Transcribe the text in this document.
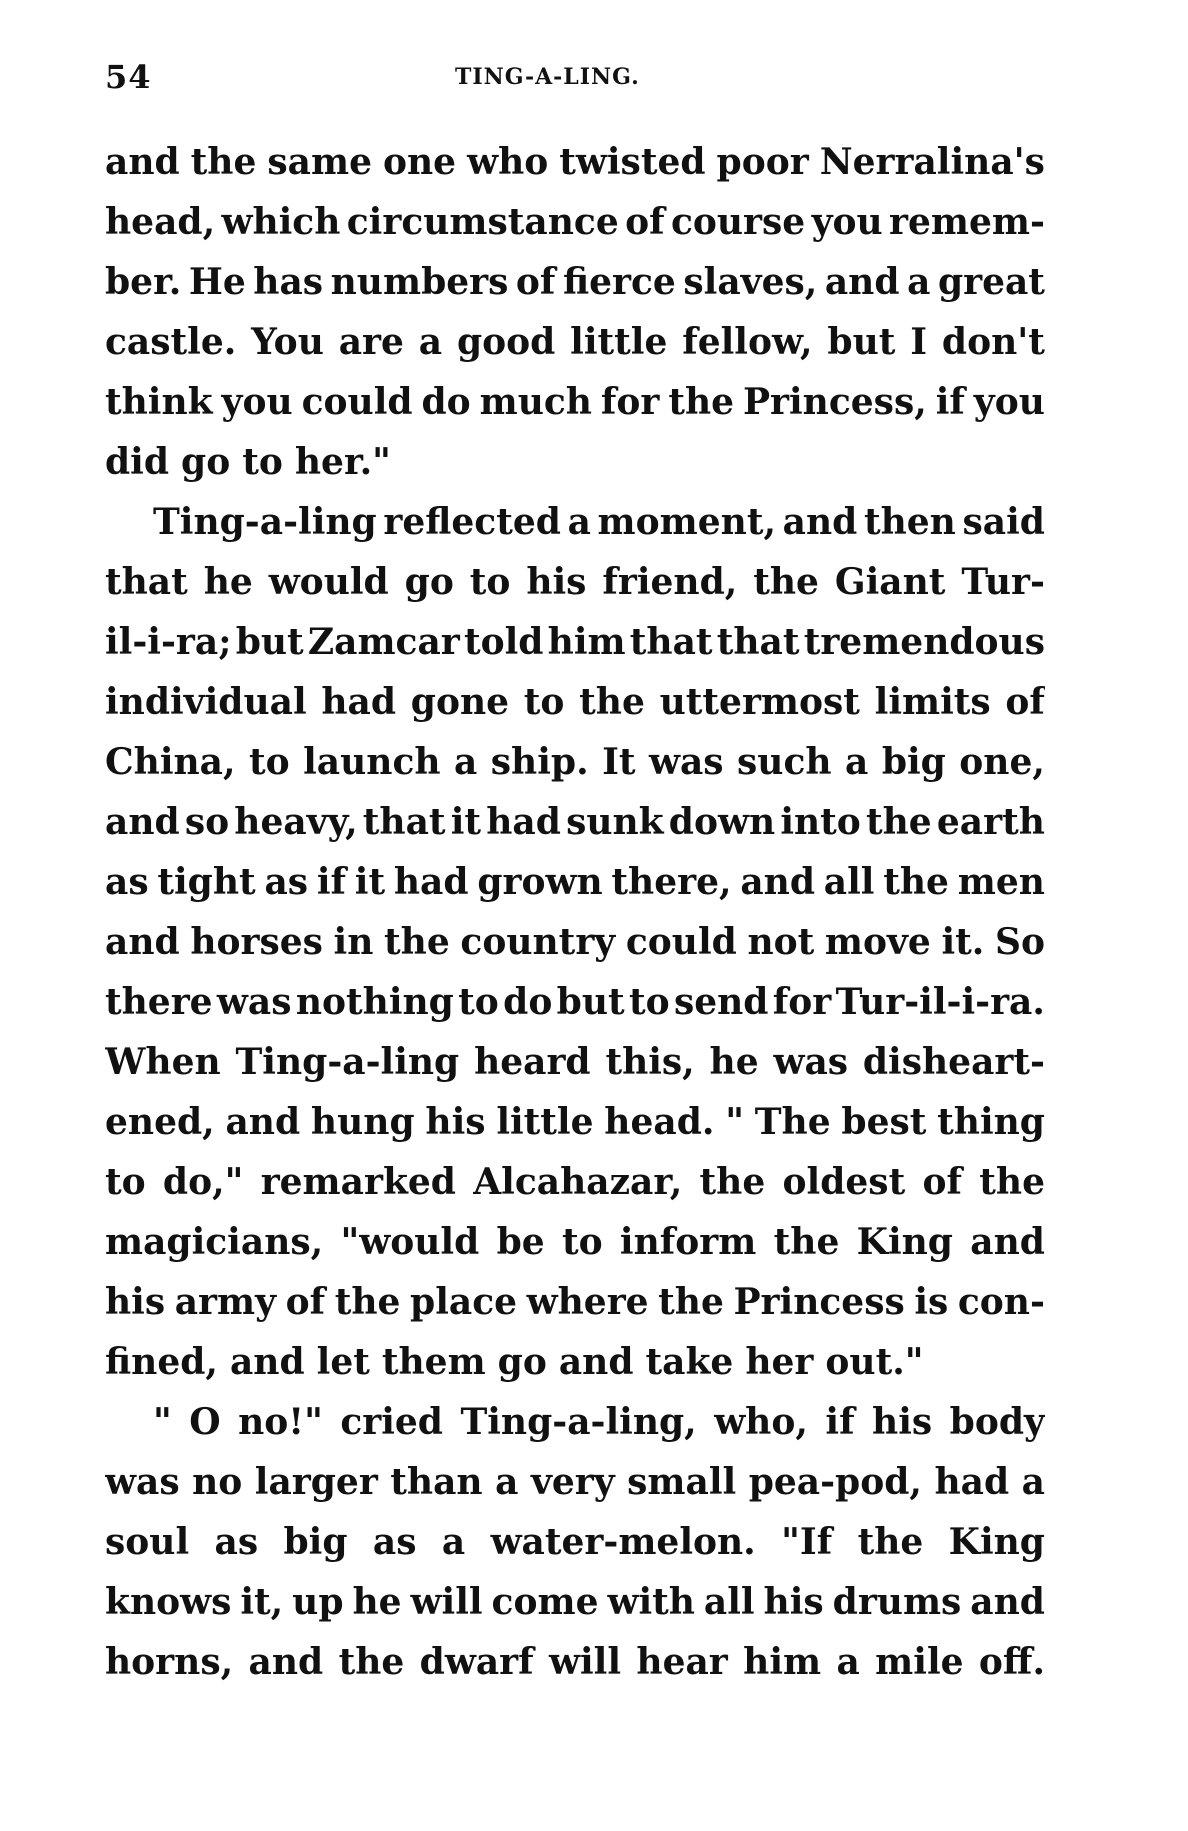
54	TING-A-LING.
and the same one who twisted poor Nerralina's
head, which circumstance of course you remem-
ber. He has numbers of fierce slaves, and a great
castle. You are a good little fellow, but I don't
think you could do much for the Princess, if you
did go to her."
Ting-a-ling reflected a moment, and then said
that he would go to his friend, the Giant Tur-
il-i-ra; but Zamcar told him that that tremendous
individual had gone to the uttermost limits of
China, to launch a ship. It was such a big one,
and so heavy, that it had sunk down into the earth
as tight as if it had grown there, and all the men
and horses in the country could not move it. So
there was nothing to do but to send for Tur-il-i-ra.
When Ting-a-ling heard this, he was disheart-
ened, and hung his little head. " The best thing
to do," remarked Alcahazar, the oldest of the
magicians, "would be to inform the King and
his army of the place where the Princess is con-
fined, and let them go and take her out."
" O no!" cried Ting-a-ling, who, if his body
was no larger than a very small pea-pod, had a
soul as big as a water-melon. "If the King
knows it, up he will come with all his drums and
horns, and the dwarf will hear him a mile off.
